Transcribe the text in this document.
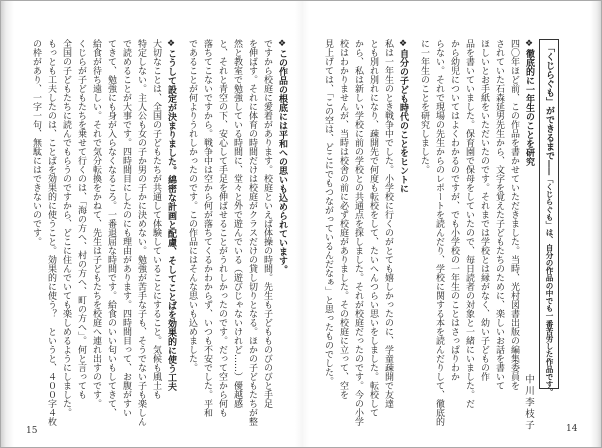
「くじらぐも」ができるまで――「くじらぐも」は、自分の作品の中でも一番苦労した作品です。
❖徹底的に一年生のことを研究
中川李枝子
四〇年ほど前、この作品を書かせていただきました。当時、光村図書出版の編集委員を
されていた石森延男先生から、文字を覚えた子どもたちのために、楽しいお話を書いて
ほしいとお手紙をいただいたのです。それまでは学校とは縁がなく、幼い子どもの作
品を書いていました。保育園で保母をしていたので、毎日読者の対象と一緒にいました。だ
から幼児についてはよくわかるのですが、でも小学校の一年生のことはさっぱりわか
らない。それで現場の先生からのレポートを読んだり、学校に関する本を読んだりして、徹底的
に一年生のことを研究しました。
❖自分の子ども時代のことをヒントに
私は一年生のとき戦争中でした。小学校に行くのがとても嬉しかったのに、学童疎開で友達
とも別れ別れになり、疎開先で何度も転校をして、たいへんつらい思いをしました。転校して
から、私は新しい学校に前の学校との共通点を探しました。それが校庭だったのです。今の小学
校はわかりませんが、当時は校舎の前に必ず校庭がありました。その校庭に立って、空を
見上げては、「この空は、どこにでもつながっているんだなぁ」と思ったものでした。
❖この作品の根底には平和への思いも込められています。
ですから校庭に愛着があります。校庭といえば体操の時間。先生も子どもものびのびと手足
を伸ばす。それに体育の時間だけは校庭がクラスだけの貸し切りとなる。ほかの子どもたちが整
然と教室で勉強している時間に、堂々と外で遊んでいる（遊びじゃないけれど……）優越感
と、それと青空の下、安心して手足を伸ばせることがうれしかったのです。だって空から何も
落ちてこないですから。戦争中は空から何が落ちてくるかわからず、いつも不安でした。平和
であることが何よりうれしかったのです。この作品にはそんな思いも込めました。
❖こうして設定が決まりました。綿密な計画と配慮、そしてことばを効果的に使う工夫
大切なことは、全国の子どもたちが共通して体験していることにすること。気候も風土も
特定しない。主人公も女の子か男の子かに決めない。勉強が苦手な子も、そうでない子も楽しん
で読めることが大事です。四時間目にしたのにも理由があります。四時間目って、お腹がすい
てきて、勉強にも身が入らなくなるころ。一番退屈な時間です。給食のいい匂いもしてきて、
給食が待ち遠しい。それで気分転換をかねて、先生は子どもたちを校庭へ連れ出すのです。
くじらが子どもたちを乗せて行くのは、「海の方へ、村の方へ、町の方へ」。何と言っても
全国の子どもたちに読んでもらうのですから、どこに住んでいても楽しめるようにしました。
もっとも工夫したのは、ことばを効果的に使うこと。効果的に使う？　というと、４００字４枚
の枠があり、一字一句、無駄にはできないのです。
15	14
